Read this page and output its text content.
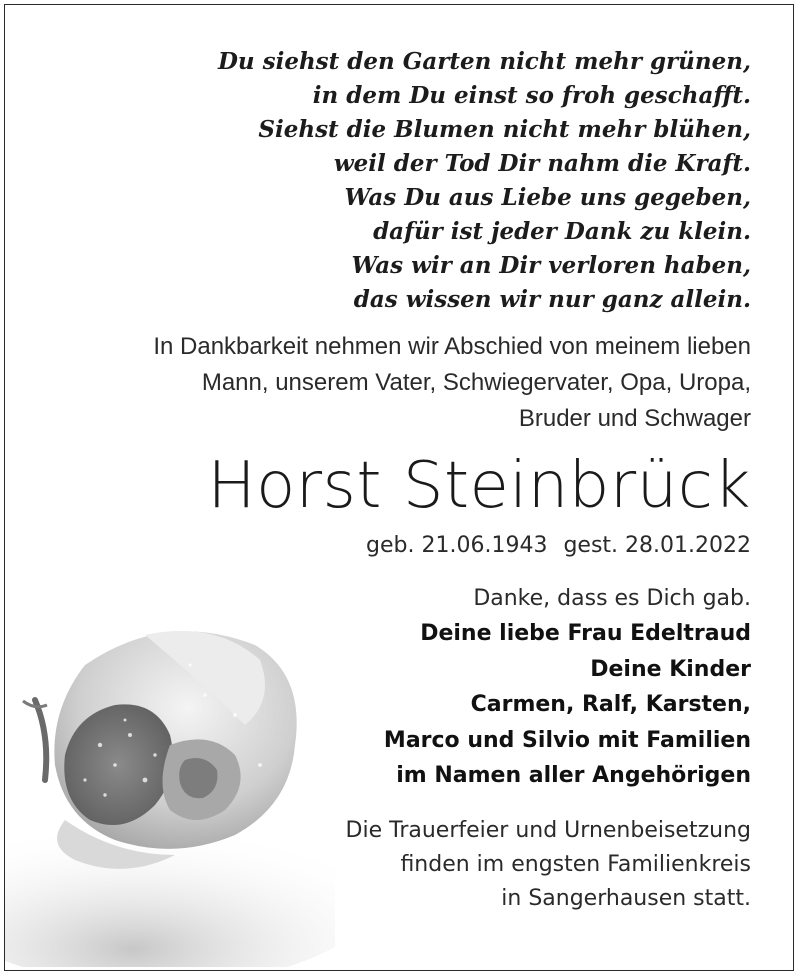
Du siehst den Garten nicht mehr grünen,
in dem Du einst so froh geschafft.
Siehst die Blumen nicht mehr blühen,
weil der Tod Dir nahm die Kraft.
Was Du aus Liebe uns gegeben,
dafür ist jeder Dank zu klein.
Was wir an Dir verloren haben,
das wissen wir nur ganz allein.
In Dankbarkeit nehmen wir Abschied von meinem lieben
Mann, unserem Vater, Schwiegervater, Opa, Uropa,
Bruder und Schwager
Horst Steinbrück
geb. 21.06.1943 gest. 28.01.2022
Danke, dass es Dich gab.
Deine liebe Frau Edeltraud
Deine Kinder
Carmen, Ralf, Karsten,
Marco und Silvio mit Familien
im Namen aller Angehörigen
Die Trauerfeier und Urnenbeisetzung
finden im engsten Familienkreis
in Sangerhausen statt.
